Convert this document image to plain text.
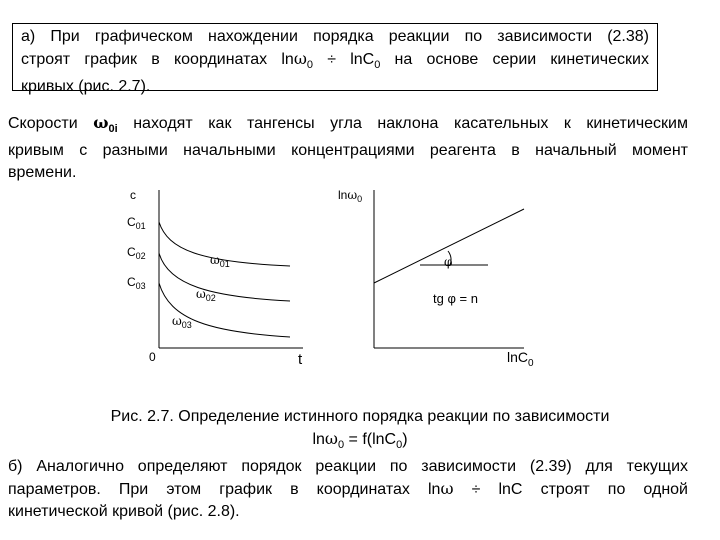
а) При графическом нахождении порядка реакции по зависимости (2.38)
строят график в координатах lnω$_0$ ÷ lnC$_0$ на основе серии кинетических
кривых (рис. 2.7).
Скорости $\omega_{0i}$ находят как тангенсы угла наклона касательных к кинетическим
кривым с разными начальными концентрациями реагента в начальный момент
времени.
c
$C_{01}$
$C_{02}$
$C_{03}$
$\omega_{01}$
$\omega_{02}$
$\omega_{03}$
0	t
lnω$_0$
φ
tg φ = n
lnC$_0$
Рис. 2.7. Определение истинного порядка реакции по зависимости
lnω$_0$ = f(lnC$_0$)
б) Аналогично определяют порядок реакции по зависимости (2.39) для текущих
параметров. При этом график в координатах lnω ÷ lnC строят по одной
кинетической кривой (рис. 2.8).
